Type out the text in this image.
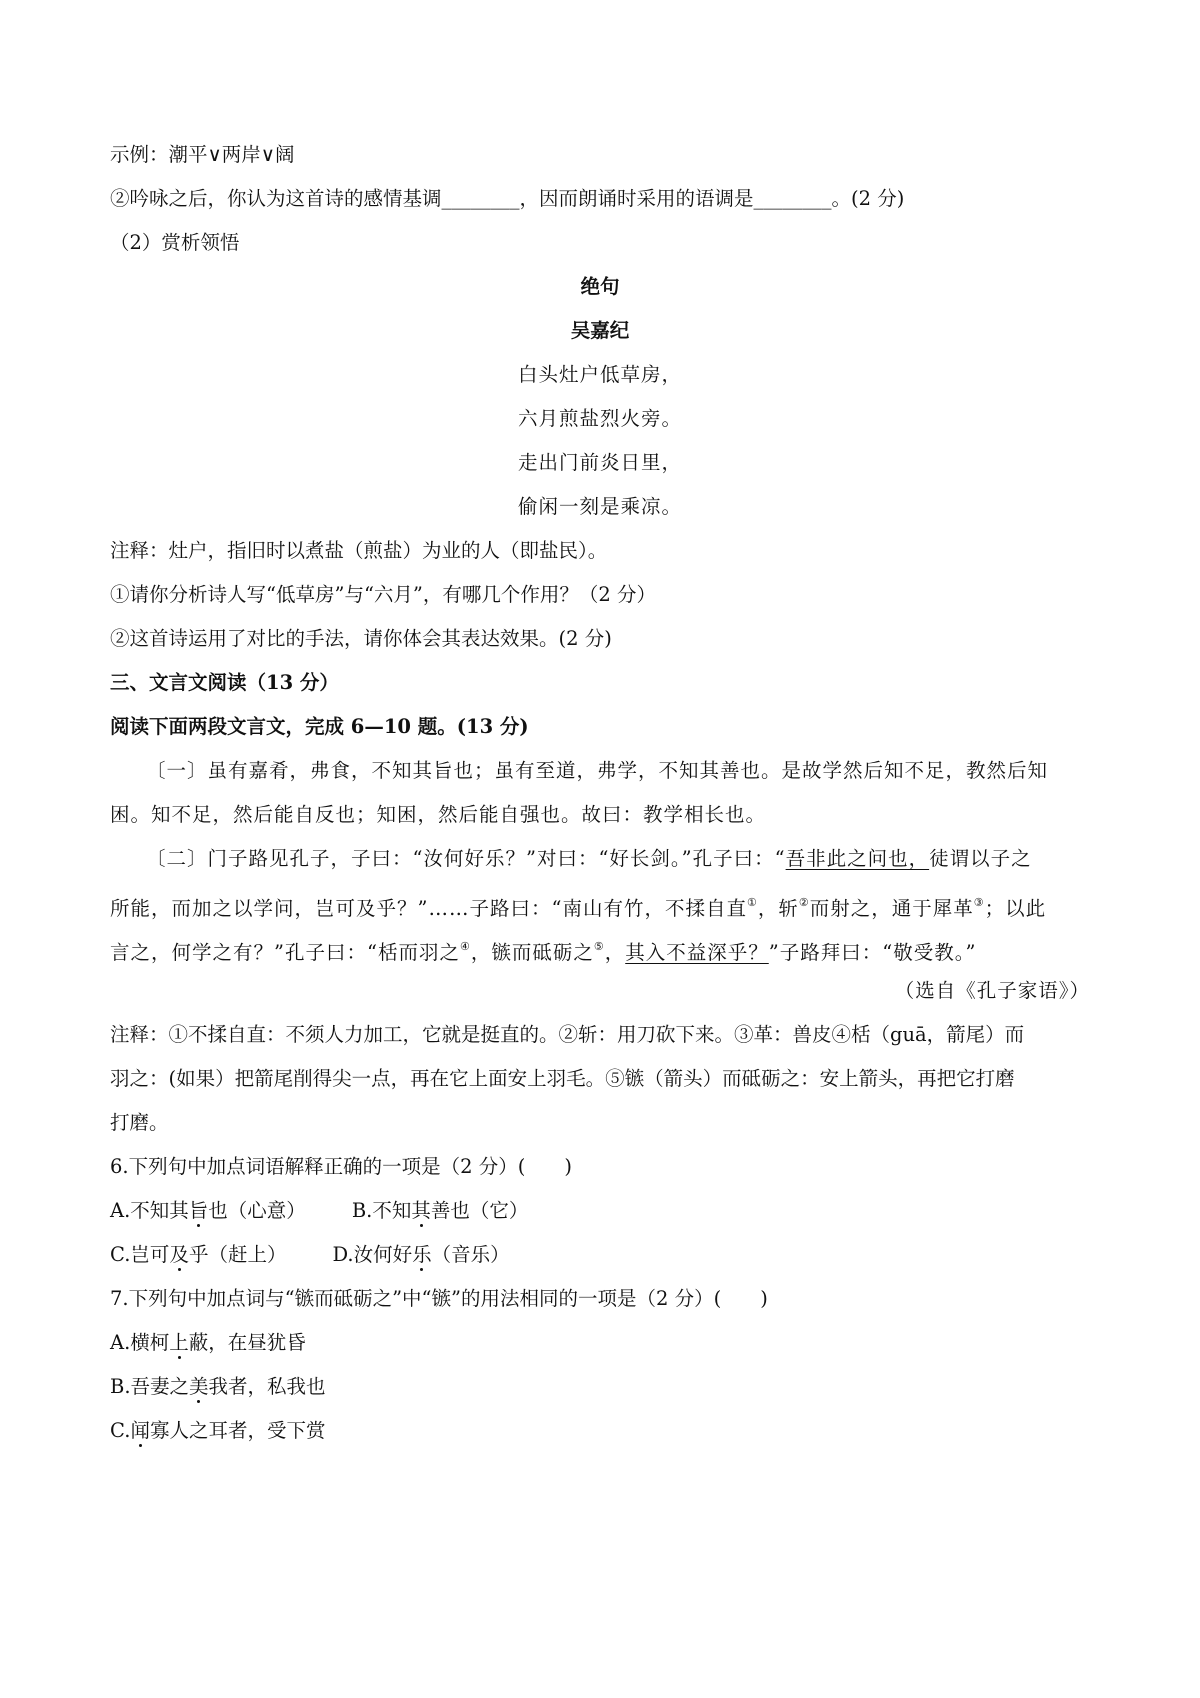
示例：潮平∨两岸∨阔
②吟咏之后，你认为这首诗的感情基调________，因而朗诵时采用的语调是________。(2 分)
（2）赏析领悟
绝句
吴嘉纪
白头灶户低草房，
六月煎盐烈火旁。
走出门前炎日里，
偷闲一刻是乘凉。
注释：灶户，指旧时以煮盐（煎盐）为业的人（即盐民）。
①请你分析诗人写“低草房”与“六月”，有哪几个作用？（2 分）
②这首诗运用了对比的手法，请你体会其表达效果。(2 分)
三、文言文阅读（13 分）
阅读下面两段文言文，完成 6—10 题。(13 分)
〔一〕虽有嘉肴，弗食，不知其旨也；虽有至道，弗学，不知其善也。是故学然后知不足，教然后知
困。知不足，然后能自反也；知困，然后能自强也。故曰：教学相长也。
〔二〕门子路见孔子，子曰：“汝何好乐？”对曰：“好长剑。”孔子曰：“吾非此之问也，徒谓以子之
所能，而加之以学问，岂可及乎？”……子路曰：“南山有竹，不揉自直①，斩②而射之，通于犀革③；以此
言之，何学之有？”孔子曰：“栝而羽之④，镞而砥砺之⑤，其入不益深乎？”子路拜曰：“敬受教。”
（选自《孔子家语》）
注释：①不揉自直：不须人力加工，它就是挺直的。②斩：用刀砍下来。③革：兽皮④栝（guā，箭尾）而
羽之：(如果）把箭尾削得尖一点，再在它上面安上羽毛。⑤镞（箭头）而砥砺之：安上箭头，再把它打磨
打磨。
6.下列句中加点词语解释正确的一项是（2 分）(　　)
A.不知其旨也（心意） B.不知其善也（它）
C.岂可及乎（赶上） D.汝何好乐（音乐）
7.下列句中加点词与“镞而砥砺之”中“镞”的用法相同的一项是（2 分）(　　)
A.横柯上蔽，在昼犹昏
B.吾妻之美我者，私我也
C.闻寡人之耳者，受下赏
